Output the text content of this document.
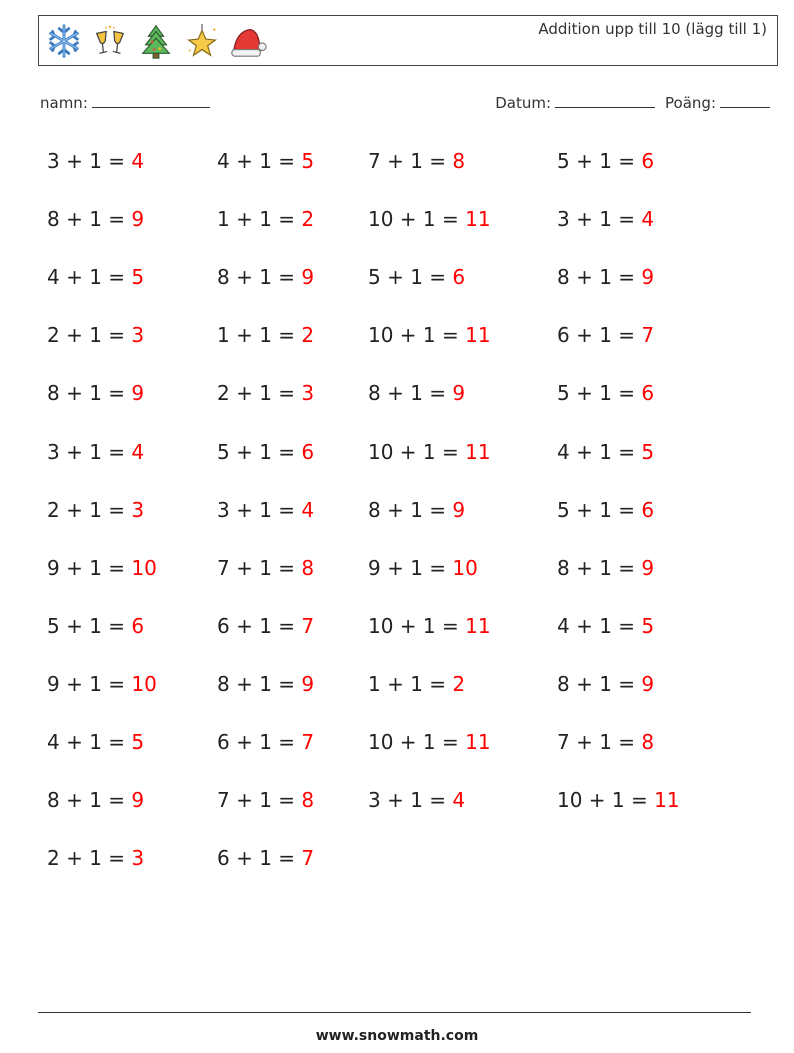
Addition upp till 10 (lägg till 1)
namn:	Datum:	Poäng:
3 + 1 = 4	4 + 1 = 5	7 + 1 = 8	5 + 1 = 6
8 + 1 = 9	1 + 1 = 2	10 + 1 = 11	3 + 1 = 4
4 + 1 = 5	8 + 1 = 9	5 + 1 = 6	8 + 1 = 9
2 + 1 = 3	1 + 1 = 2	10 + 1 = 11	6 + 1 = 7
8 + 1 = 9	2 + 1 = 3	8 + 1 = 9	5 + 1 = 6
3 + 1 = 4	5 + 1 = 6	10 + 1 = 11	4 + 1 = 5
2 + 1 = 3	3 + 1 = 4	8 + 1 = 9	5 + 1 = 6
9 + 1 = 10	7 + 1 = 8	9 + 1 = 10	8 + 1 = 9
5 + 1 = 6	6 + 1 = 7	10 + 1 = 11	4 + 1 = 5
9 + 1 = 10	8 + 1 = 9	1 + 1 = 2	8 + 1 = 9
4 + 1 = 5	6 + 1 = 7	10 + 1 = 11	7 + 1 = 8
8 + 1 = 9	7 + 1 = 8	3 + 1 = 4	10 + 1 = 11
2 + 1 = 3	6 + 1 = 7
www.snowmath.com
